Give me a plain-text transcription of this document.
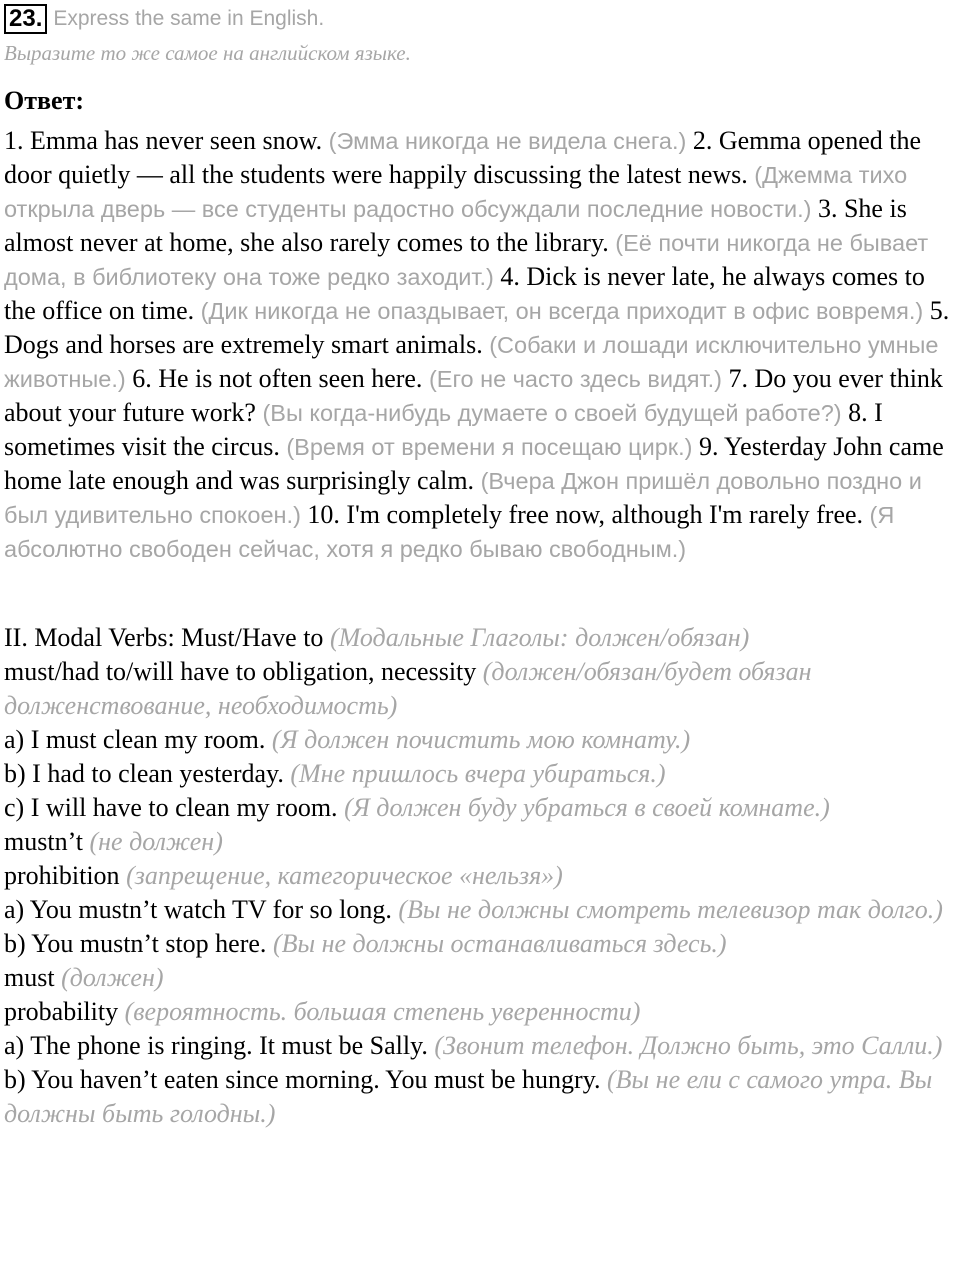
23. Express the same in English.
Выразите то же самое на английском языке.
Ответ:
1. Emma has never seen snow. (Эмма никогда не видела снега.) 2. Gemma opened the door quietly — all the students were happily discussing the latest news. (Джемма тихо открыла дверь — все студенты радостно обсуждали последние новости.) 3. She is almost never at home, she also rarely comes to the library. (Её почти никогда не бывает дома, в библиотеку она тоже редко заходит.) 4. Dick is never late, he always comes to the office on time. (Дик никогда не опаздывает, он всегда приходит в офис вовремя.) 5. Dogs and horses are extremely smart animals. (Собаки и лошади исключительно умные животные.) 6. He is not often seen here. (Его не часто здесь видят.) 7. Do you ever think about your future work? (Вы когда-нибудь думаете о своей будущей работе?) 8. I sometimes visit the circus. (Время от времени я посещаю цирк.) 9. Yesterday John came home late enough and was surprisingly calm. (Вчера Джон пришёл довольно поздно и был удивительно спокоен.) 10. I'm completely free now, although I'm rarely free. (Я абсолютно свободен сейчас, хотя я редко бываю свободным.)
II. Modal Verbs: Must/Have to (Модальные Глаголы: должен/обязан)
must/had to/will have to obligation, necessity (должен/обязан/будет обязан долженствование, необходимость)
a) I must clean my room. (Я должен почистить мою комнату.)
b) I had to clean yesterday. (Мне пришлось вчера убираться.)
c) I will have to clean my room. (Я должен буду убраться в своей комнате.)
mustn’t (не должен)
prohibition (запрещение, категорическое «нельзя»)
a) You mustn’t watch TV for so long. (Вы не должны смотреть телевизор так долго.)
b) You mustn’t stop here. (Вы не должны останавливаться здесь.)
must (должен)
probability (вероятность. большая степень уверенности)
a) The phone is ringing. It must be Sally. (Звонит телефон. Должно быть, это Салли.)
b) You haven’t eaten since morning. You must be hungry. (Вы не ели с самого утра. Вы должны быть голодны.)
